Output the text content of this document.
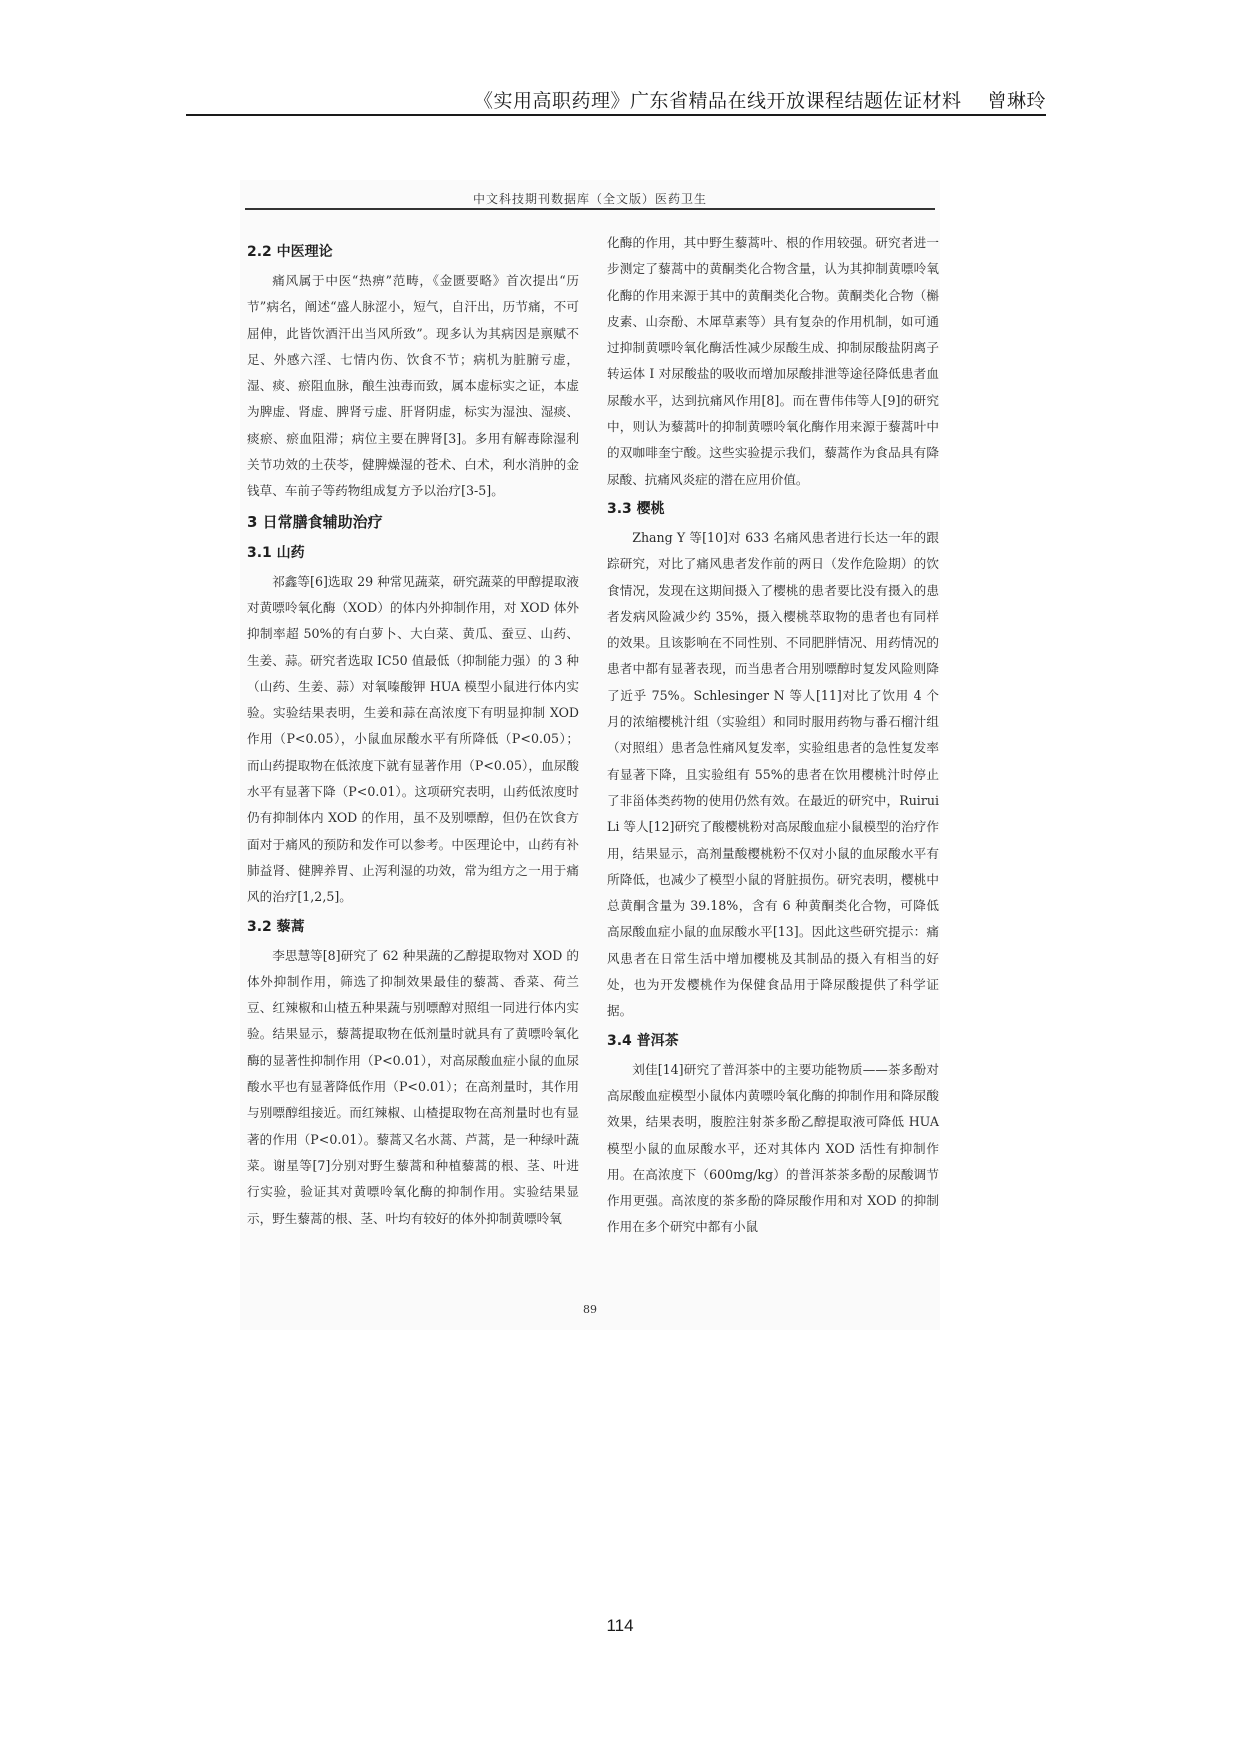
《实用高职药理》广东省精品在线开放课程结题佐证材料 曾琳玲
中文科技期刊数据库（全文版）医药卫生
2.2 中医理论

痛风属于中医“热痹”范畴，《金匮要略》首次提出“历节”病名，阐述“盛人脉涩小，短气，自汗出，历节痛，不可屈伸，此皆饮酒汗出当风所致”。现多认为其病因是禀赋不足、外感六淫、七情内伤、饮食不节；病机为脏腑亏虚，湿、痰、瘀阻血脉，酿生浊毒而致，属本虚标实之证，本虚为脾虚、肾虚、脾肾亏虚、肝肾阴虚，标实为湿浊、湿痰、痰瘀、瘀血阻滞；病位主要在脾肾[3]。多用有解毒除湿利关节功效的土茯苓，健脾燥湿的苍术、白术，利水消肿的金钱草、车前子等药物组成复方予以治疗[3-5]。

3 日常膳食辅助治疗
3.1 山药

祁鑫等[6]选取 29 种常见蔬菜，研究蔬菜的甲醇提取液对黄嘌呤氧化酶（XOD）的体内外抑制作用，对 XOD 体外抑制率超 50%的有白萝卜、大白菜、黄瓜、蚕豆、山药、生姜、蒜。研究者选取 IC50 值最低（抑制能力强）的 3 种（山药、生姜、蒜）对氧嗪酸钾 HUA 模型小鼠进行体内实验。实验结果表明，生姜和蒜在高浓度下有明显抑制 XOD 作用（P<0.05），小鼠血尿酸水平有所降低（P<0.05）；而山药提取物在低浓度下就有显著作用（P<0.05），血尿酸水平有显著下降（P<0.01）。这项研究表明，山药低浓度时仍有抑制体内 XOD 的作用，虽不及别嘌醇，但仍在饮食方面对于痛风的预防和发作可以参考。中医理论中，山药有补肺益肾、健脾养胃、止泻利湿的功效，常为组方之一用于痛风的治疗[1,2,5]。

3.2 藜蒿

李思慧等[8]研究了 62 种果蔬的乙醇提取物对 XOD 的体外抑制作用，筛选了抑制效果最佳的藜蒿、香菜、荷兰豆、红辣椒和山楂五种果蔬与别嘌醇对照组一同进行体内实验。结果显示，藜蒿提取物在低剂量时就具有了黄嘌呤氧化酶的显著性抑制作用（P<0.01），对高尿酸血症小鼠的血尿酸水平也有显著降低作用（P<0.01）；在高剂量时，其作用与别嘌醇组接近。而红辣椒、山楂提取物在高剂量时也有显著的作用（P<0.01）。藜蒿又名水蒿、芦蒿，是一种绿叶蔬菜。谢星等[7]分别对野生藜蒿和种植藜蒿的根、茎、叶进行实验，验证其对黄嘌呤氧化酶的抑制作用。实验结果显示，野生藜蒿的根、茎、叶均有较好的体外抑制黄嘌呤氧

化酶的作用，其中野生藜蒿叶、根的作用较强。研究者进一步测定了藜蒿中的黄酮类化合物含量，认为其抑制黄嘌呤氧化酶的作用来源于其中的黄酮类化合物。黄酮类化合物（槲皮素、山奈酚、木犀草素等）具有复杂的作用机制，如可通过抑制黄嘌呤氧化酶活性减少尿酸生成、抑制尿酸盐阴离子转运体 I 对尿酸盐的吸收而增加尿酸排泄等途径降低患者血尿酸水平，达到抗痛风作用[8]。而在曹伟伟等人[9]的研究中，则认为藜蒿叶的抑制黄嘌呤氧化酶作用来源于藜蒿叶中的双咖啡奎宁酸。这些实验提示我们，藜蒿作为食品具有降尿酸、抗痛风炎症的潜在应用价值。

3.3 樱桃

Zhang Y 等[10]对 633 名痛风患者进行长达一年的跟踪研究，对比了痛风患者发作前的两日（发作危险期）的饮食情况，发现在这期间摄入了樱桃的患者要比没有摄入的患者发病风险减少约 35%，摄入樱桃萃取物的患者也有同样的效果。且该影响在不同性别、不同肥胖情况、用药情况的患者中都有显著表现，而当患者合用别嘌醇时复发风险则降了近乎 75%。Schlesinger N 等人[11]对比了饮用 4 个月的浓缩樱桃汁组（实验组）和同时服用药物与番石榴汁组（对照组）患者急性痛风复发率，实验组患者的急性复发率有显著下降，且实验组有 55%的患者在饮用樱桃汁时停止了非甾体类药物的使用仍然有效。在最近的研究中，Ruirui Li 等人[12]研究了酸樱桃粉对高尿酸血症小鼠模型的治疗作用，结果显示，高剂量酸樱桃粉不仅对小鼠的血尿酸水平有所降低，也减少了模型小鼠的肾脏损伤。研究表明，樱桃中总黄酮含量为 39.18%，含有 6 种黄酮类化合物，可降低高尿酸血症小鼠的血尿酸水平[13]。因此这些研究提示：痛风患者在日常生活中增加樱桃及其制品的摄入有相当的好处，也为开发樱桃作为保健食品用于降尿酸提供了科学证据。

3.4 普洱茶

刘佳[14]研究了普洱茶中的主要功能物质——茶多酚对高尿酸血症模型小鼠体内黄嘌呤氧化酶的抑制作用和降尿酸效果，结果表明，腹腔注射茶多酚乙醇提取液可降低 HUA 模型小鼠的血尿酸水平，还对其体内 XOD 活性有抑制作用。在高浓度下（600mg/kg）的普洱茶茶多酚的尿酸调节作用更强。高浓度的茶多酚的降尿酸作用和对 XOD 的抑制作用在多个研究中都有小鼠

89
114
